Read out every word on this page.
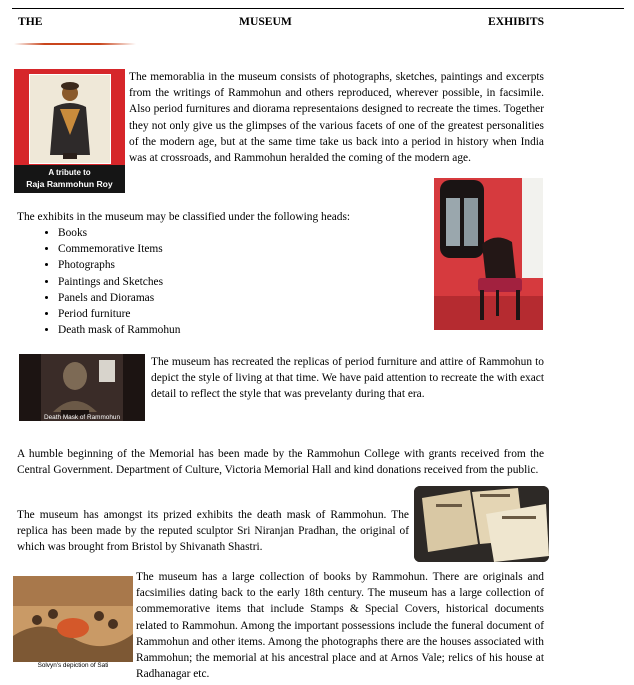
THE	MUSEUM	EXHIBITS
A tribute to
Raja Rammohun Roy

The memorablia in the museum consists of photographs, sketches, paintings and excerpts from the writings of Rammohun and others reproduced, wherever possible, in facsimile. Also period furnitures and diorama representaions designed to recreate the times. Together they not only give us the glimpses of the various facets of one of the greatest personalities of the modern age, but at the same time take us back into a period in history when India was at crossroads, and Rammohun heralded the coming of the modern age.

The exhibits in the museum may be classified under the following heads:
• Books
• Commemorative Items
• Photographs
• Paintings and Sketches
• Panels and Dioramas
• Period furniture
• Death mask of Rammohun
Death Mask of Rammohun

The museum has recreated the replicas of period furniture and attire of Rammohun to depict the style of living at that time. We have paid attention to recreate the with exact detail to reflect the style that was prevelanty during that era.

A humble beginning of the Memorial has been made by the Rammohun College with grants received from the Central Government. Department of Culture, Victoria Memorial Hall and kind donations received from the public.

The museum has amongst its prized exhibits the death mask of Rammohun. The replica has been made by the reputed sculptor Sri Niranjan Pradhan, the original of which was brought from Bristol by Shivanath Shastri.

Solvyn's depiction of Sati

The museum has a large collection of books by Rammohun. There are originals and facsimilies dating back to the early 18th century. The museum has a large collection of commemorative items that include Stamps & Special Covers, historical documents related to Rammohun. Among the important possessions include the funeral document of Rammohun and other items. Among the photographs there are the houses associated with Rammohun; the memorial at his ancestral place and at Arnos Vale; relics of his house at Radhanagar etc.
